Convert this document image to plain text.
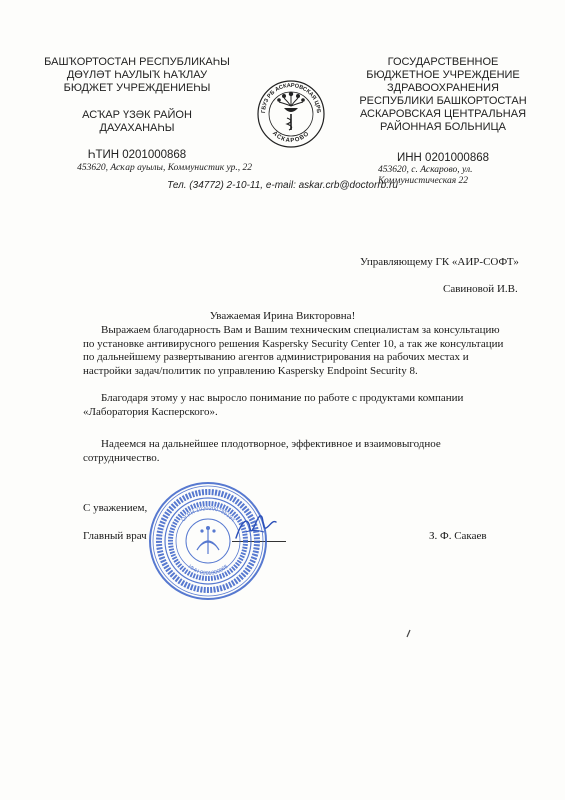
БАШҠОРТОСТАН РЕСПУБЛИКАҺЫ
ДӨҮЛӘТ ҺАУЛЫҠ ҺАҠЛАУ
БЮДЖЕТ УЧРЕЖДЕНИЕҺЫ
АСҠАР ҮЗӘК РАЙОН
ДАУАХАНАҺЫ
ҺТИН 0201000868
453620, Асҡар ауылы, Коммунистик ур., 22
ГБУЗ РБ АСКАРОВСКАЯ ЦРБ
АСКАРОВО
ГОСУДАРСТВЕННОЕ
БЮДЖЕТНОЕ УЧРЕЖДЕНИЕ
ЗДРАВООХРАНЕНИЯ
РЕСПУБЛИКИ БАШКОРТОСТАН
АСКАРОВСКАЯ ЦЕНТРАЛЬНАЯ
РАЙОННАЯ БОЛЬНИЦА
ИНН 0201000868
453620, с. Аскарово, ул.
Коммунистическая 22
Тел. (34772) 2-10-11, e-mail: askar.crb@doctorrb.ru
Управляющему ГК «АИР-СОФТ»
Савиновой И.В.
Уважаемая Ирина Викторовна!
Выражаем благодарность Вам и Вашим техническим специалистам за консультацию
по установке антивирусного решения Kaspersky Security Center 10, а так же консультации
по дальнейшему развертыванию агентов администрирования на рабочих местах и
настройки задач/политик по управлению Kaspersky Endpoint Security 8.
Благодаря этому у нас выросло понимание по работе с продуктами компании
«Лаборатория Касперского».
Надеемся на дальнейшее плодотворное, эффективное и взаимовыгодное
сотрудничество.
С уважением,
Главный врач	З. Ф. Сакаев
ОГРН 1020200785194
ИНН 0201000868
